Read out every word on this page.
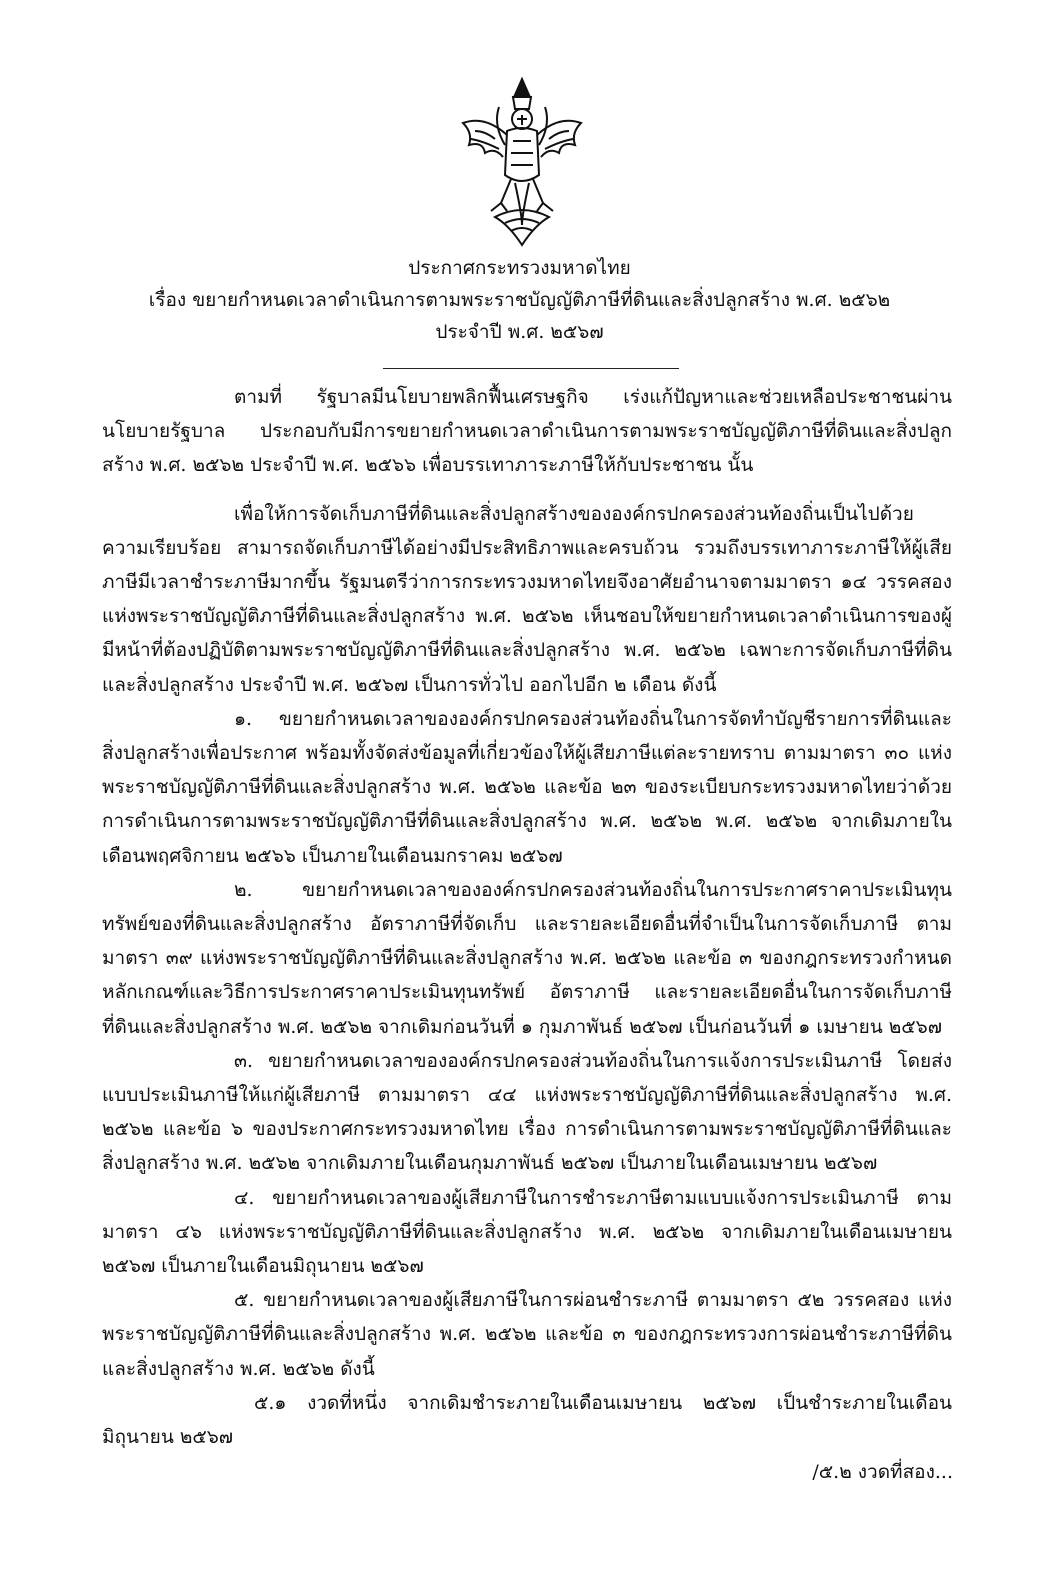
ประกาศกระทรวงมหาดไทย
เรื่อง ขยายกำหนดเวลาดำเนินการตามพระราชบัญญัติภาษีที่ดินและสิ่งปลูกสร้าง พ.ศ. ๒๕๖๒
ประจำปี พ.ศ. ๒๕๖๗

ตามที่ รัฐบาลมีนโยบายพลิกฟื้นเศรษฐกิจ เร่งแก้ปัญหาและช่วยเหลือประชาชนผ่านนโยบายรัฐบาล ประกอบกับมีการขยายกำหนดเวลาดำเนินการตามพระราชบัญญัติภาษีที่ดินและสิ่งปลูกสร้าง พ.ศ. ๒๕๖๒ ประจำปี พ.ศ. ๒๕๖๖ เพื่อบรรเทาภาระภาษีให้กับประชาชน นั้น

เพื่อให้การจัดเก็บภาษีที่ดินและสิ่งปลูกสร้างขององค์กรปกครองส่วนท้องถิ่นเป็นไปด้วยความเรียบร้อย สามารถจัดเก็บภาษีได้อย่างมีประสิทธิภาพและครบถ้วน รวมถึงบรรเทาภาระภาษีให้ผู้เสียภาษีมีเวลาชำระภาษีมากขึ้น รัฐมนตรีว่าการกระทรวงมหาดไทยจึงอาศัยอำนาจตามมาตรา ๑๔ วรรคสอง แห่งพระราชบัญญัติภาษีที่ดินและสิ่งปลูกสร้าง พ.ศ. ๒๕๖๒ เห็นชอบให้ขยายกำหนดเวลาดำเนินการของผู้มีหน้าที่ต้องปฏิบัติตามพระราชบัญญัติภาษีที่ดินและสิ่งปลูกสร้าง พ.ศ. ๒๕๖๒ เฉพาะการจัดเก็บภาษีที่ดินและสิ่งปลูกสร้าง ประจำปี พ.ศ. ๒๕๖๗ เป็นการทั่วไป ออกไปอีก ๒ เดือน ดังนี้

๑. ขยายกำหนดเวลาขององค์กรปกครองส่วนท้องถิ่นในการจัดทำบัญชีรายการที่ดินและสิ่งปลูกสร้างเพื่อประกาศ พร้อมทั้งจัดส่งข้อมูลที่เกี่ยวข้องให้ผู้เสียภาษีแต่ละรายทราบ ตามมาตรา ๓๐ แห่งพระราชบัญญัติภาษีที่ดินและสิ่งปลูกสร้าง พ.ศ. ๒๕๖๒ และข้อ ๒๓ ของระเบียบกระทรวงมหาดไทยว่าด้วยการดำเนินการตามพระราชบัญญัติภาษีที่ดินและสิ่งปลูกสร้าง พ.ศ. ๒๕๖๒ พ.ศ. ๒๕๖๒ จากเดิมภายในเดือนพฤศจิกายน ๒๕๖๖ เป็นภายในเดือนมกราคม ๒๕๖๗

๒. ขยายกำหนดเวลาขององค์กรปกครองส่วนท้องถิ่นในการประกาศราคาประเมินทุนทรัพย์ของที่ดินและสิ่งปลูกสร้าง อัตราภาษีที่จัดเก็บ และรายละเอียดอื่นที่จำเป็นในการจัดเก็บภาษี ตามมาตรา ๓๙ แห่งพระราชบัญญัติภาษีที่ดินและสิ่งปลูกสร้าง พ.ศ. ๒๕๖๒ และข้อ ๓ ของกฎกระทรวงกำหนดหลักเกณฑ์และวิธีการประกาศราคาประเมินทุนทรัพย์ อัตราภาษี และรายละเอียดอื่นในการจัดเก็บภาษีที่ดินและสิ่งปลูกสร้าง พ.ศ. ๒๕๖๒ จากเดิมก่อนวันที่ ๑ กุมภาพันธ์ ๒๕๖๗ เป็นก่อนวันที่ ๑ เมษายน ๒๕๖๗

๓. ขยายกำหนดเวลาขององค์กรปกครองส่วนท้องถิ่นในการแจ้งการประเมินภาษี โดยส่งแบบประเมินภาษีให้แก่ผู้เสียภาษี ตามมาตรา ๔๔ แห่งพระราชบัญญัติภาษีที่ดินและสิ่งปลูกสร้าง พ.ศ. ๒๕๖๒ และข้อ ๖ ของประกาศกระทรวงมหาดไทย เรื่อง การดำเนินการตามพระราชบัญญัติภาษีที่ดินและสิ่งปลูกสร้าง พ.ศ. ๒๕๖๒ จากเดิมภายในเดือนกุมภาพันธ์ ๒๕๖๗ เป็นภายในเดือนเมษายน ๒๕๖๗

๔. ขยายกำหนดเวลาของผู้เสียภาษีในการชำระภาษีตามแบบแจ้งการประเมินภาษี ตามมาตรา ๔๖ แห่งพระราชบัญญัติภาษีที่ดินและสิ่งปลูกสร้าง พ.ศ. ๒๕๖๒ จากเดิมภายในเดือนเมษายน ๒๕๖๗ เป็นภายในเดือนมิถุนายน ๒๕๖๗

๕. ขยายกำหนดเวลาของผู้เสียภาษีในการผ่อนชำระภาษี ตามมาตรา ๕๒ วรรคสอง แห่งพระราชบัญญัติภาษีที่ดินและสิ่งปลูกสร้าง พ.ศ. ๒๕๖๒ และข้อ ๓ ของกฎกระทรวงการผ่อนชำระภาษีที่ดินและสิ่งปลูกสร้าง พ.ศ. ๒๕๖๒ ดังนี้

๕.๑ งวดที่หนึ่ง จากเดิมชำระภายในเดือนเมษายน ๒๕๖๗ เป็นชำระภายในเดือนมิถุนายน ๒๕๖๗

/๕.๒ งวดที่สอง...
